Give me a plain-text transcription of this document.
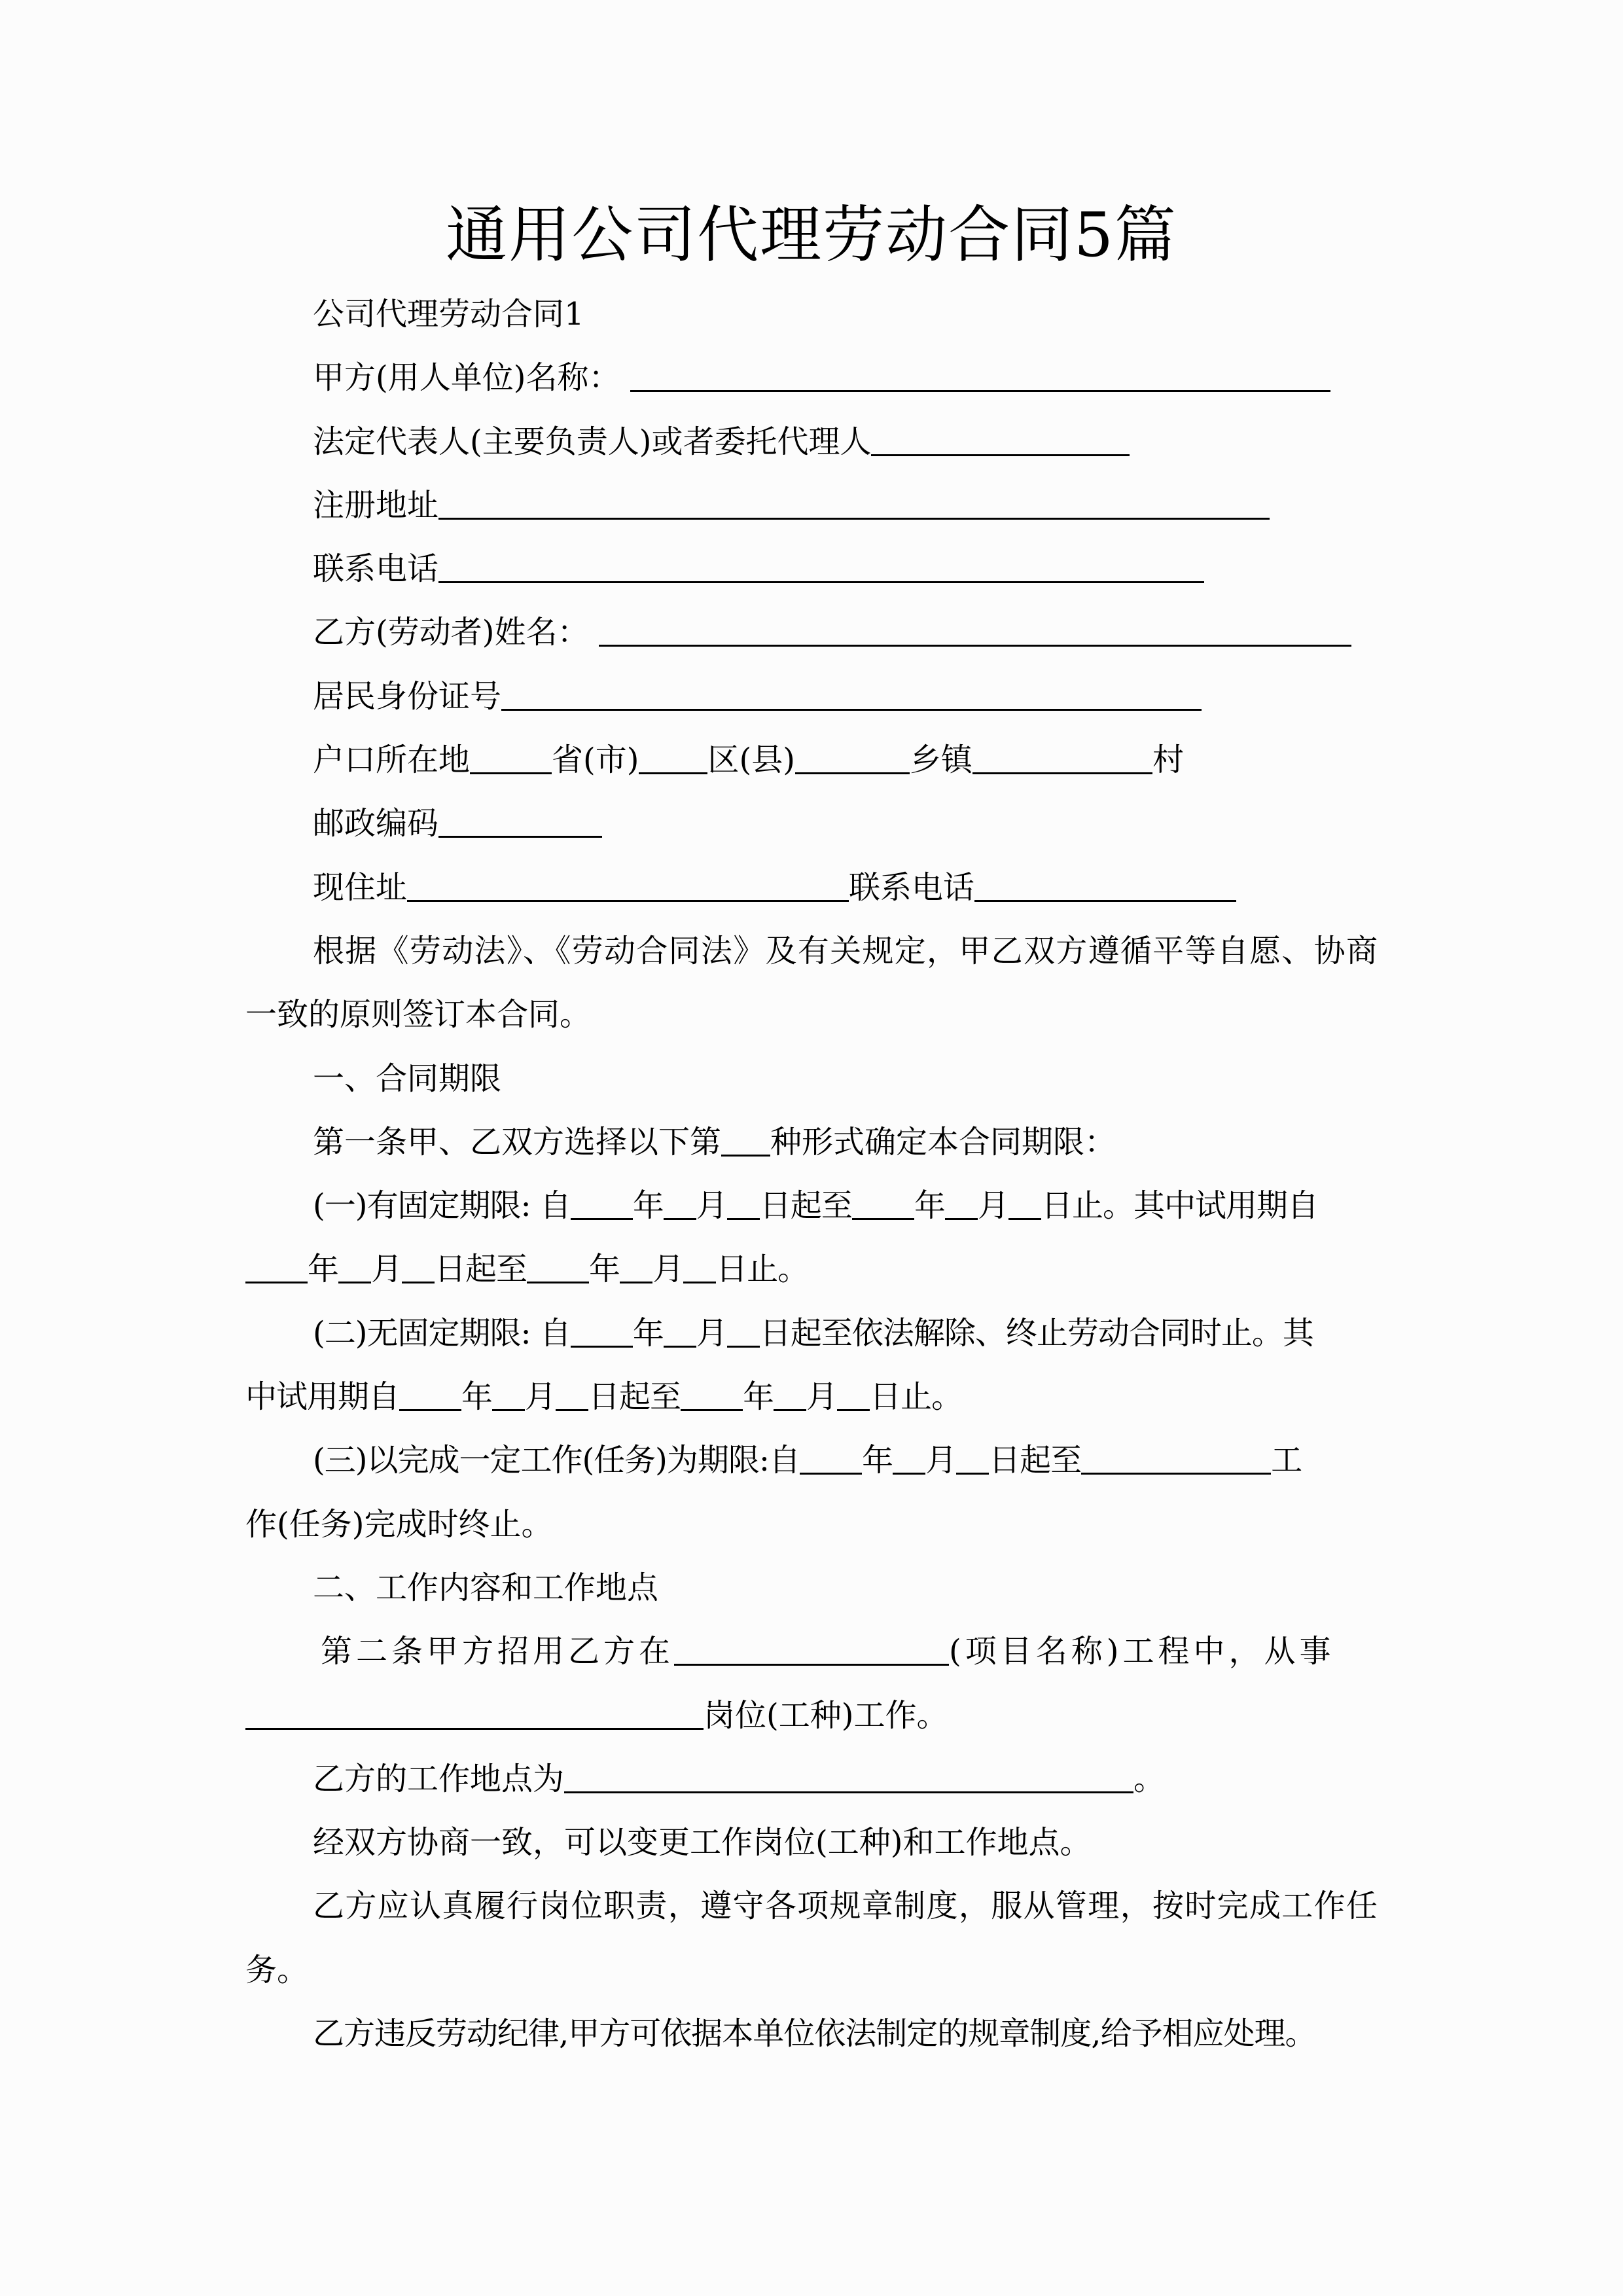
通用公司代理劳动合同5篇
公司代理劳动合同1
甲方(用人单位)名称：
法定代表人(主要负责人)或者委托代理人
注册地址
联系电话
乙方(劳动者)姓名：
居民身份证号
户口所在地	省(市) 区(县)	乡镇	村
邮政编码
现住址	联系电话
根据《劳动法》、《劳动合同法》及有关规定，甲乙双方遵循平等自愿、协商
一致的原则签订本合同。
一、合同期限
第一条甲、乙双方选择以下第 种形式确定本合同期限：
(一)有固定期限: 自 年 月 日起至 年 月 日止。其中试用期自
年 月 日起至 年 月 日止。
(二)无固定期限: 自 年 月 日起至依法解除、终止劳动合同时止。其
中试用期自 年 月 日起至 年 月 日止。
(三)以完成一定工作(任务)为期限:自 年 月 日起至	工
作(任务)完成时终止。
二、工作内容和工作地点
第二条甲方招用乙方在	(项目名称)工程中，从事
岗位(工种)工作。
乙方的工作地点为	。
经双方协商一致，可以变更工作岗位(工种)和工作地点。
乙方应认真履行岗位职责，遵守各项规章制度，服从管理，按时完成工作任
务。
乙方违反劳动纪律,甲方可依据本单位依法制定的规章制度,给予相应处理。
